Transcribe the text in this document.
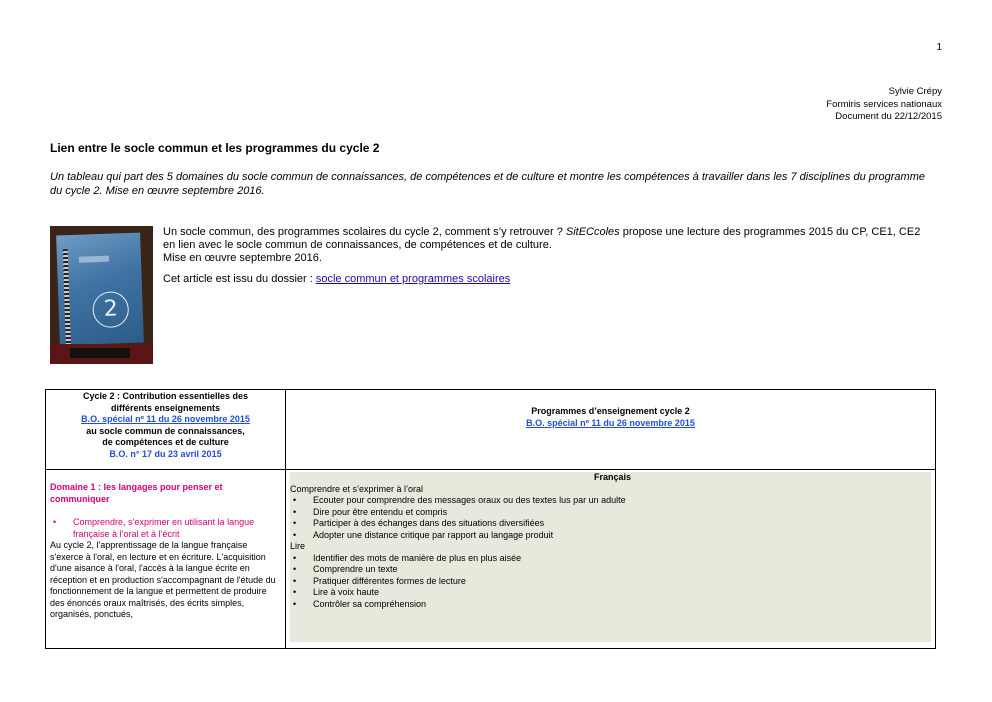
1
Sylvie Crépy
Formiris services nationaux
Document du 22/12/2015
Lien entre le socle commun et les programmes du cycle 2
Un tableau qui part des 5 domaines du socle commun de connaissances, de compétences et de culture et montre les compétences à travailler dans les 7 disciplines du programme du cycle 2. Mise en œuvre septembre 2016.
2

Un socle commun, des programmes scolaires du cycle 2, comment s’y retrouver ? SitECcoles propose une lecture des programmes 2015 du CP, CE1, CE2 en lien avec le socle commun de connaissances, de compétences et de culture.

Mise en œuvre septembre 2016.

Cet article est issu du dossier : socle commun et programmes scolaires

Cycle 2 : Contribution essentielles des
différents enseignements
B.O. spécial nº 11 du 26 novembre 2015
au socle commun de connaissances,
de compétences et de culture
B.O. n° 17 du 23 avril 2015
Programmes d’enseignement cycle 2
B.O. spécial nº 11 du 26 novembre 2015
Domaine 1 : les langages pour penser et communiquer
• Comprendre, s’exprimer en utilisant la langue française à l’oral et à l’écrit
Au cycle 2, l'apprentissage de la langue française s'exerce à l'oral, en lecture et en écriture. L'acquisition d'une aisance à l'oral, l'accès à la langue écrite en réception et en production s'accompagnant de l'étude du fonctionnement de la langue et permettent de produire des énoncés oraux maîtrisés, des écrits simples, organisés, ponctués,
Français
Comprendre et s’exprimer à l’oral
• Ecouter pour comprendre des messages oraux ou des textes lus par un adulte
• Dire pour être entendu et compris
• Participer à des échanges dans des situations diversifiées
• Adopter une distance critique par rapport au langage produit
Lire
• Identifier des mots de manière de plus en plus aisée
• Comprendre un texte
• Pratiquer différentes formes de lecture
• Lire à voix haute
• Contrôler sa compréhension
